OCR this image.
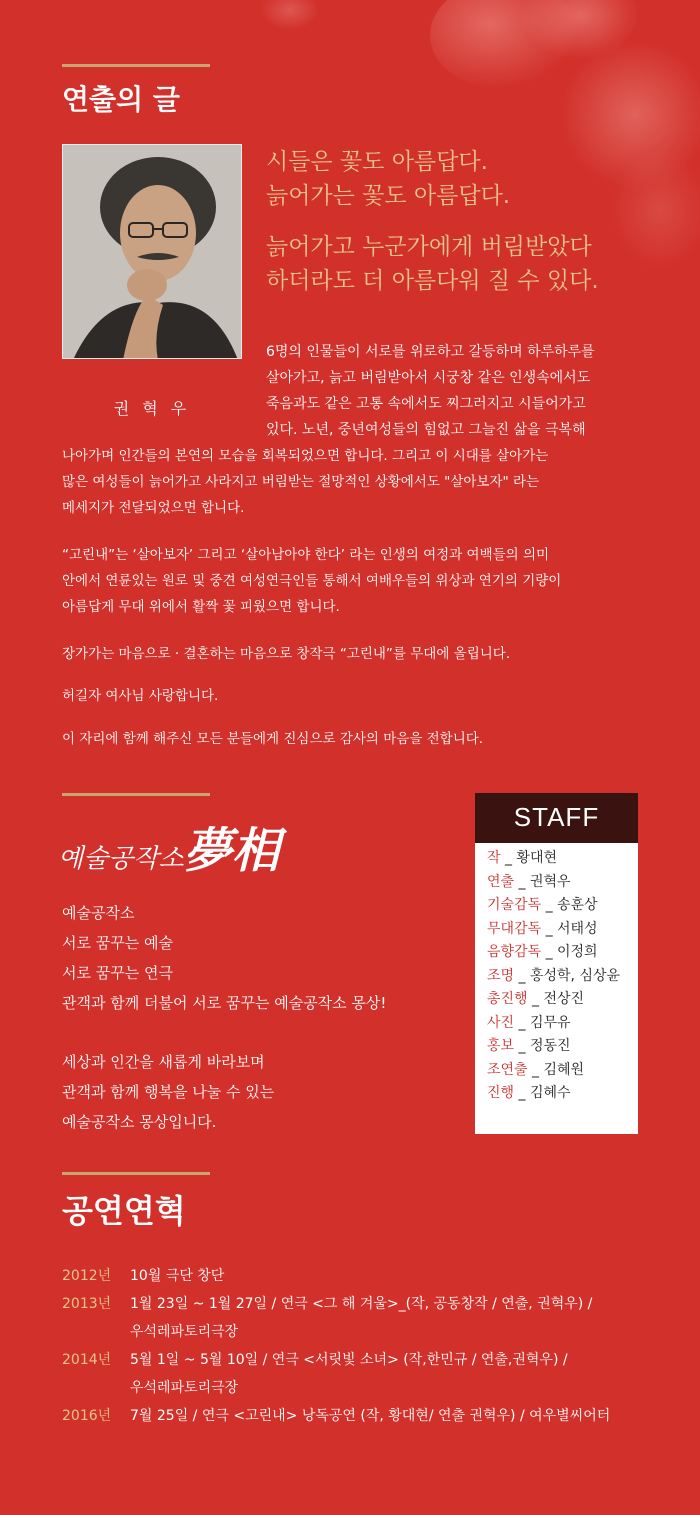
연출의 글
권 혁 우
시들은 꽃도 아름답다.
늙어가는 꽃도 아름답다.
늙어가고 누군가에게 버림받았다
하더라도 더 아름다워 질 수 있다.
6명의 인물들이 서로를 위로하고 갈등하며 하루하루를
살아가고, 늙고 버림받아서 시궁창 같은 인생속에서도
죽음과도 같은 고통 속에서도 찌그러지고 시들어가고
있다. 노년, 중년여성들의 힘없고 그늘진 삶을 극복해
나아가며 인간들의 본연의 모습을 회복되었으면 합니다. 그리고 이 시대를 살아가는
많은 여성들이 늙어가고 사라지고 버림받는 절망적인 상황에서도 "살아보자" 라는
메세지가 전달되었으면 합니다.
“고린내”는 ‘살아보자’ 그리고 ‘살아남아야 한다’ 라는 인생의 여정과 여백들의 의미
안에서 연륜있는 원로 및 중견 여성연극인들 통해서 여배우들의 위상과 연기의 기량이
아름답게 무대 위에서 활짝 꽃 피웠으면 합니다.
장가가는 마음으로 · 결혼하는 마음으로 창작극 “고린내”를 무대에 올립니다.
허길자 여사님 사랑합니다.
이 자리에 함께 해주신 모든 분들에게 진심으로 감사의 마음을 전합니다.
예술공작소夢相
예술공작소
서로 꿈꾸는 예술
서로 꿈꾸는 연극
관객과 함께 더불어 서로 꿈꾸는 예술공작소 몽상!
세상과 인간을 새롭게 바라보며
관객과 함께 행복을 나눌 수 있는
예술공작소 몽상입니다.
STAFF
작 _ 황대현
연출 _ 권혁우
기술감독 _ 송훈상
무대감독 _ 서태성
음향감독 _ 이정희
조명 _ 홍성학, 심상윤
총진행 _ 전상진
사진 _ 김무유
홍보 _ 정동진
조연출 _ 김혜원
진행 _ 김혜수
공연연혁
2012년	10월 극단 창단
2013년	1월 23일 ~ 1월 27일 / 연극 <그 해 겨울>_(작, 공동창작 / 연출, 권혁우) /
우석레파토리극장
2014년	5월 1일 ~ 5월 10일 / 연극 <서릿빛 소녀> (작,한민규 / 연출,권혁우) /
우석레파토리극장
2016년	7월 25일 / 연극 <고린내> 낭독공연 (작, 황대현/ 연출 권혁우) / 여우별씨어터
